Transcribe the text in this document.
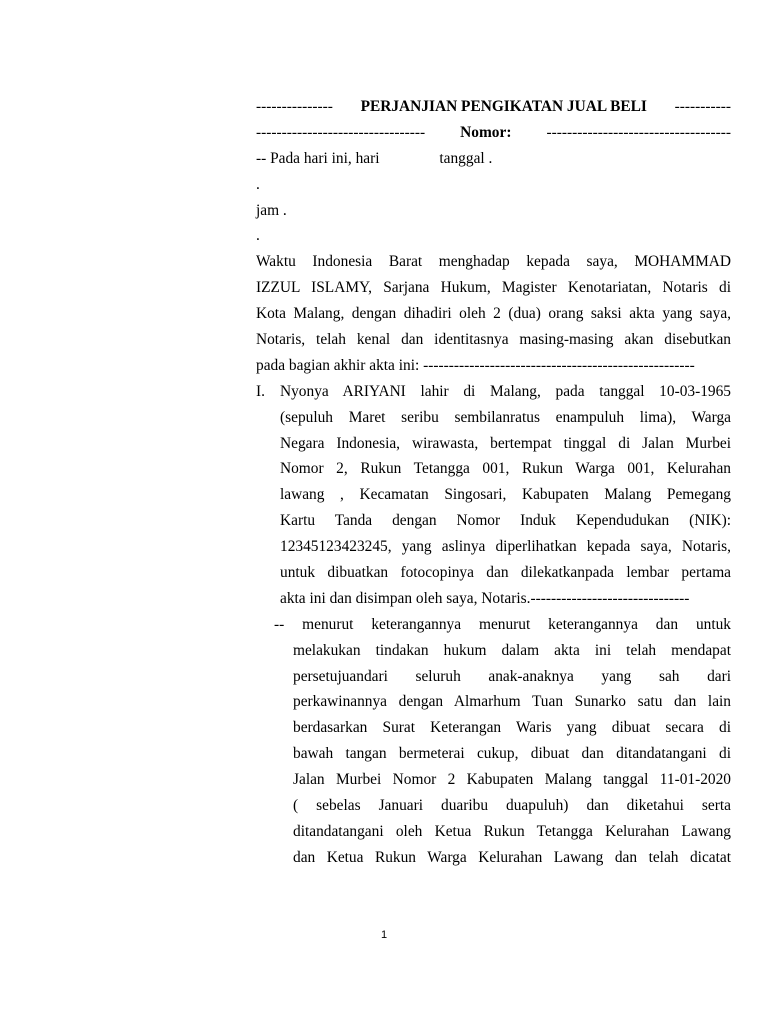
--------------- PERJANJIAN PENGIKATAN JUAL BELI -----------
--------------------------------- Nomor: ------------------------------------
-- Pada hari ini, hari	tanggal .
.
jam .
.
Waktu Indonesia Barat menghadap kepada saya, MOHAMMAD
IZZUL ISLAMY, Sarjana Hukum, Magister Kenotariatan, Notaris di
Kota Malang, dengan dihadiri oleh 2 (dua) orang saksi akta yang saya,
Notaris, telah kenal dan identitasnya masing-masing akan disebutkan
pada bagian akhir akta ini: -----------------------------------------------------
I. Nyonya ARIYANI lahir di Malang, pada tanggal 10-03-1965
(sepuluh Maret seribu sembilanratus enampuluh lima), Warga
Negara Indonesia, wirawasta, bertempat tinggal di Jalan Murbei
Nomor 2, Rukun Tetangga 001, Rukun Warga 001, Kelurahan
lawang , Kecamatan Singosari, Kabupaten Malang Pemegang
Kartu Tanda dengan Nomor Induk Kependudukan (NIK):
12345123423245, yang aslinya diperlihatkan kepada saya, Notaris,
untuk dibuatkan fotocopinya dan dilekatkanpada lembar pertama
akta ini dan disimpan oleh saya, Notaris.-------------------------------
-- menurut keterangannya menurut keterangannya dan untuk
melakukan tindakan hukum dalam akta ini telah mendapat
persetujuandari seluruh anak-anaknya yang sah dari
perkawinannya dengan Almarhum Tuan Sunarko satu dan lain
berdasarkan Surat Keterangan Waris yang dibuat secara di
bawah tangan bermeterai cukup, dibuat dan ditandatangani di
Jalan Murbei Nomor 2 Kabupaten Malang tanggal 11-01-2020
( sebelas Januari duaribu duapuluh) dan diketahui serta
ditandatangani oleh Ketua Rukun Tetangga Kelurahan Lawang
dan Ketua Rukun Warga Kelurahan Lawang dan telah dicatat
1
